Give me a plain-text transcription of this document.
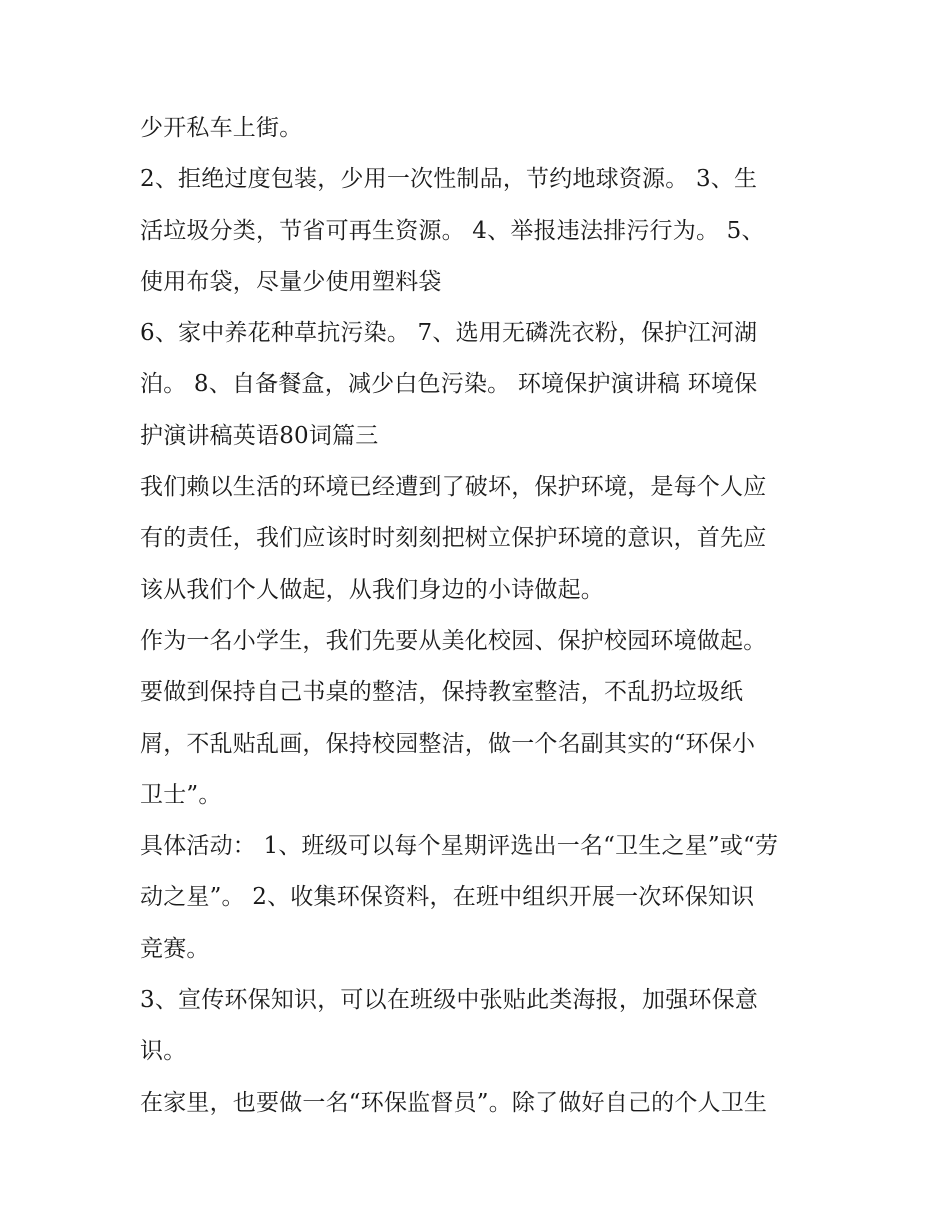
少开私车上街。
2、拒绝过度包装，少用一次性制品，节约地球资源。 3、生
活垃圾分类，节省可再生资源。 4、举报违法排污行为。 5、
使用布袋，尽量少使用塑料袋
6、家中养花种草抗污染。 7、选用无磷洗衣粉，保护江河湖
泊。 8、自备餐盒，减少白色污染。 环境保护演讲稿 环境保
护演讲稿英语80词篇三
我们赖以生活的环境已经遭到了破坏，保护环境，是每个人应
有的责任，我们应该时时刻刻把树立保护环境的意识，首先应
该从我们个人做起，从我们身边的小诗做起。
作为一名小学生，我们先要从美化校园、保护校园环境做起。
要做到保持自己书桌的整洁，保持教室整洁，不乱扔垃圾纸
屑，不乱贴乱画，保持校园整洁，做一个名副其实的“环保小
卫士”。
具体活动： 1、班级可以每个星期评选出一名“卫生之星”或“劳
动之星”。 2、收集环保资料，在班中组织开展一次环保知识
竞赛。
3、宣传环保知识，可以在班级中张贴此类海报，加强环保意
识。
在家里，也要做一名“环保监督员”。除了做好自己的个人卫生
